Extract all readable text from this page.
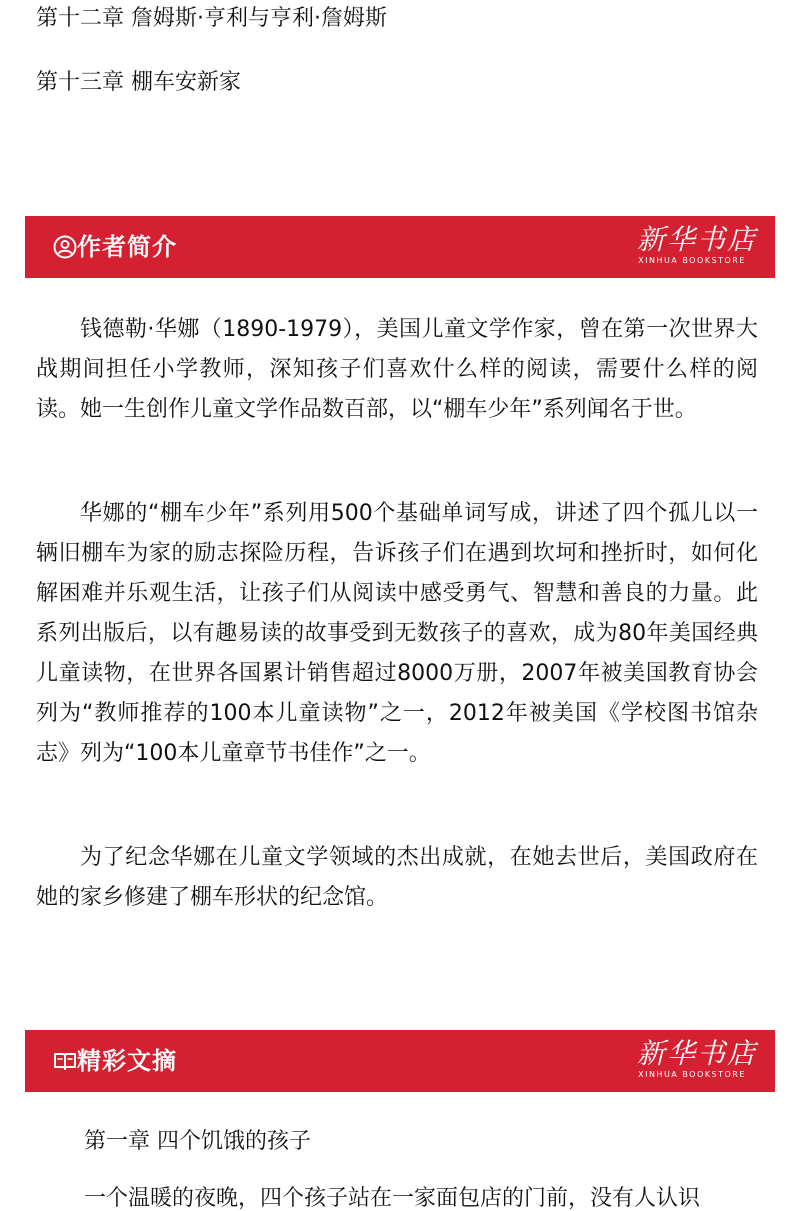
第十二章 詹姆斯·亨利与亨利·詹姆斯
第十三章 棚车安新家
作者简介	新华书店
XINHUA BOOKSTORE

钱德勒·华娜（1890-1979），美国儿童文学作家，曾在第一次世界大战期间担任小学教师，深知孩子们喜欢什么样的阅读，需要什么样的阅读。她一生创作儿童文学作品数百部，以“棚车少年”系列闻名于世。

华娜的“棚车少年”系列用500个基础单词写成，讲述了四个孤儿以一辆旧棚车为家的励志探险历程，告诉孩子们在遇到坎坷和挫折时，如何化解困难并乐观生活，让孩子们从阅读中感受勇气、智慧和善良的力量。此系列出版后，以有趣易读的故事受到无数孩子的喜欢，成为80年美国经典儿童读物，在世界各国累计销售超过8000万册，2007年被美国教育协会列为“教师推荐的100本儿童读物”之一，2012年被美国《学校图书馆杂志》列为“100本儿童章节书佳作”之一。

为了纪念华娜在儿童文学领域的杰出成就，在她去世后，美国政府在她的家乡修建了棚车形状的纪念馆。

精彩文摘	新华书店
XINHUA BOOKSTORE
第一章 四个饥饿的孩子
一个温暖的夜晚，四个孩子站在一家面包店的门前，没有人认识
